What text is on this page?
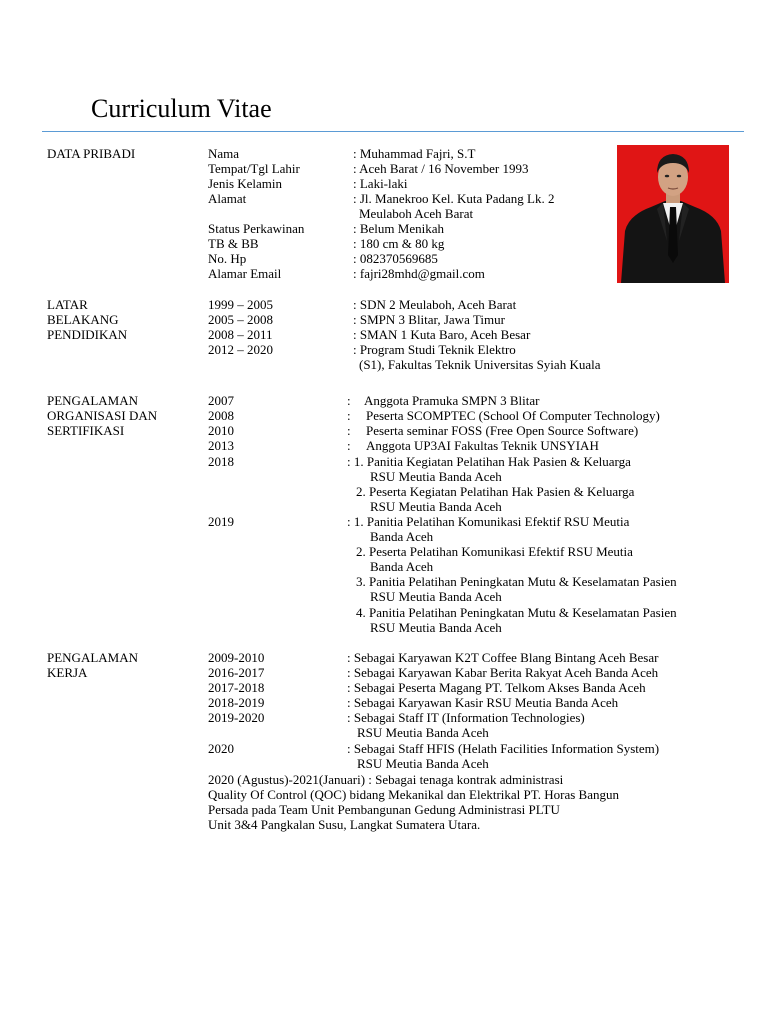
Curriculum Vitae
DATA PRIBADI	Nama	: Muhammad Fajri, S.T
Tempat/Tgl Lahir	: Aceh Barat / 16 November 1993
Jenis Kelamin	: Laki-laki
Alamat	: Jl. Manekroo Kel. Kuta Padang Lk. 2
Meulaboh Aceh Barat
Status Perkawinan	: Belum Menikah
TB & BB	: 180 cm & 80 kg
No. Hp	: 082370569685
Alamar Email	: fajri28mhd@gmail.com
LATAR
BELAKANG
PENDIDIKAN
1999 – 2005	: SDN 2 Meulaboh, Aceh Barat
2005 – 2008	: SMPN 3 Blitar, Jawa Timur
2008 – 2011	: SMAN 1 Kuta Baro, Aceh Besar
2012 – 2020	: Program Studi Teknik Elektro
(S1), Fakultas Teknik Universitas Syiah Kuala
PENGALAMAN
ORGANISASI DAN
SERTIFIKASI
2007	: Anggota Pramuka SMPN 3 Blitar
2008	: Peserta SCOMPTEC (School Of Computer Technology)
2010	: Peserta seminar FOSS (Free Open Source Software)
2013	: Anggota UP3AI Fakultas Teknik UNSYIAH
2018	: 1. Panitia Kegiatan Pelatihan Hak Pasien & Keluarga
RSU Meutia Banda Aceh
2. Peserta Kegiatan Pelatihan Hak Pasien & Keluarga
RSU Meutia Banda Aceh
2019	: 1. Panitia Pelatihan Komunikasi Efektif RSU Meutia
Banda Aceh
2. Peserta Pelatihan Komunikasi Efektif RSU Meutia
Banda Aceh
3. Panitia Pelatihan Peningkatan Mutu & Keselamatan Pasien
RSU Meutia Banda Aceh
4. Panitia Pelatihan Peningkatan Mutu & Keselamatan Pasien
RSU Meutia Banda Aceh
PENGALAMAN
KERJA
2009-2010	: Sebagai Karyawan K2T Coffee Blang Bintang Aceh Besar
2016-2017	: Sebagai Karyawan Kabar Berita Rakyat Aceh Banda Aceh
2017-2018	: Sebagai Peserta Magang PT. Telkom Akses Banda Aceh
2018-2019	: Sebagai Karyawan Kasir RSU Meutia Banda Aceh
2019-2020	: Sebagai Staff IT (Information Technologies)
RSU Meutia Banda Aceh
2020	: Sebagai Staff HFIS (Helath Facilities Information System)
RSU Meutia Banda Aceh
2020 (Agustus)-2021(Januari) : Sebagai tenaga kontrak administrasi
Quality Of Control (QOC) bidang Mekanikal dan Elektrikal PT. Horas Bangun
Persada pada Team Unit Pembangunan Gedung Administrasi PLTU
Unit 3&4 Pangkalan Susu, Langkat Sumatera Utara.
